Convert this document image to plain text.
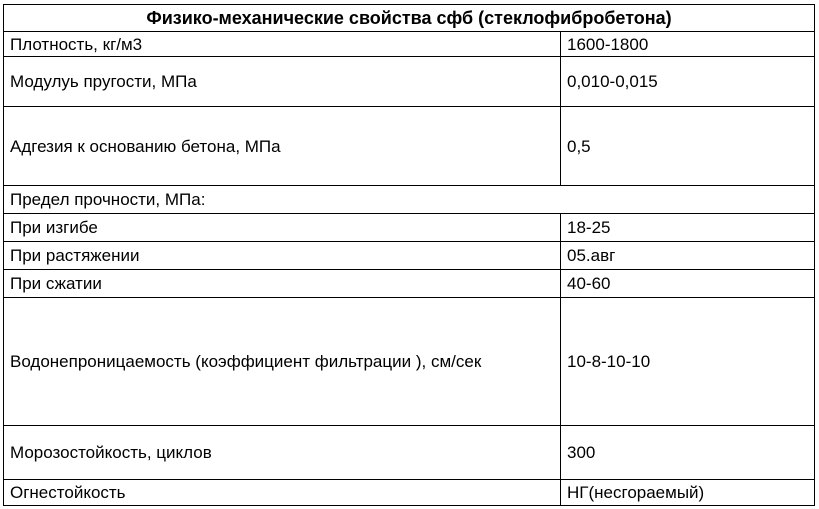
Физико-механические свойства сфб (стеклофибробетона)	
Плотность, кг/м3	1600-1800
Модулуь пругости, МПа	0,010-0,015
Адгезия к основанию бетона, МПа	0,5
Предел прочности, МПа:	
При изгибе	18-25
При растяжении	05.авг
При сжатии	40-60
Водонепроницаемость (коэффициент фильтрации ), см/сек	10-8-10-10
Морозостойкость, циклов	300
Огнестойкость	НГ(несгораемый)
